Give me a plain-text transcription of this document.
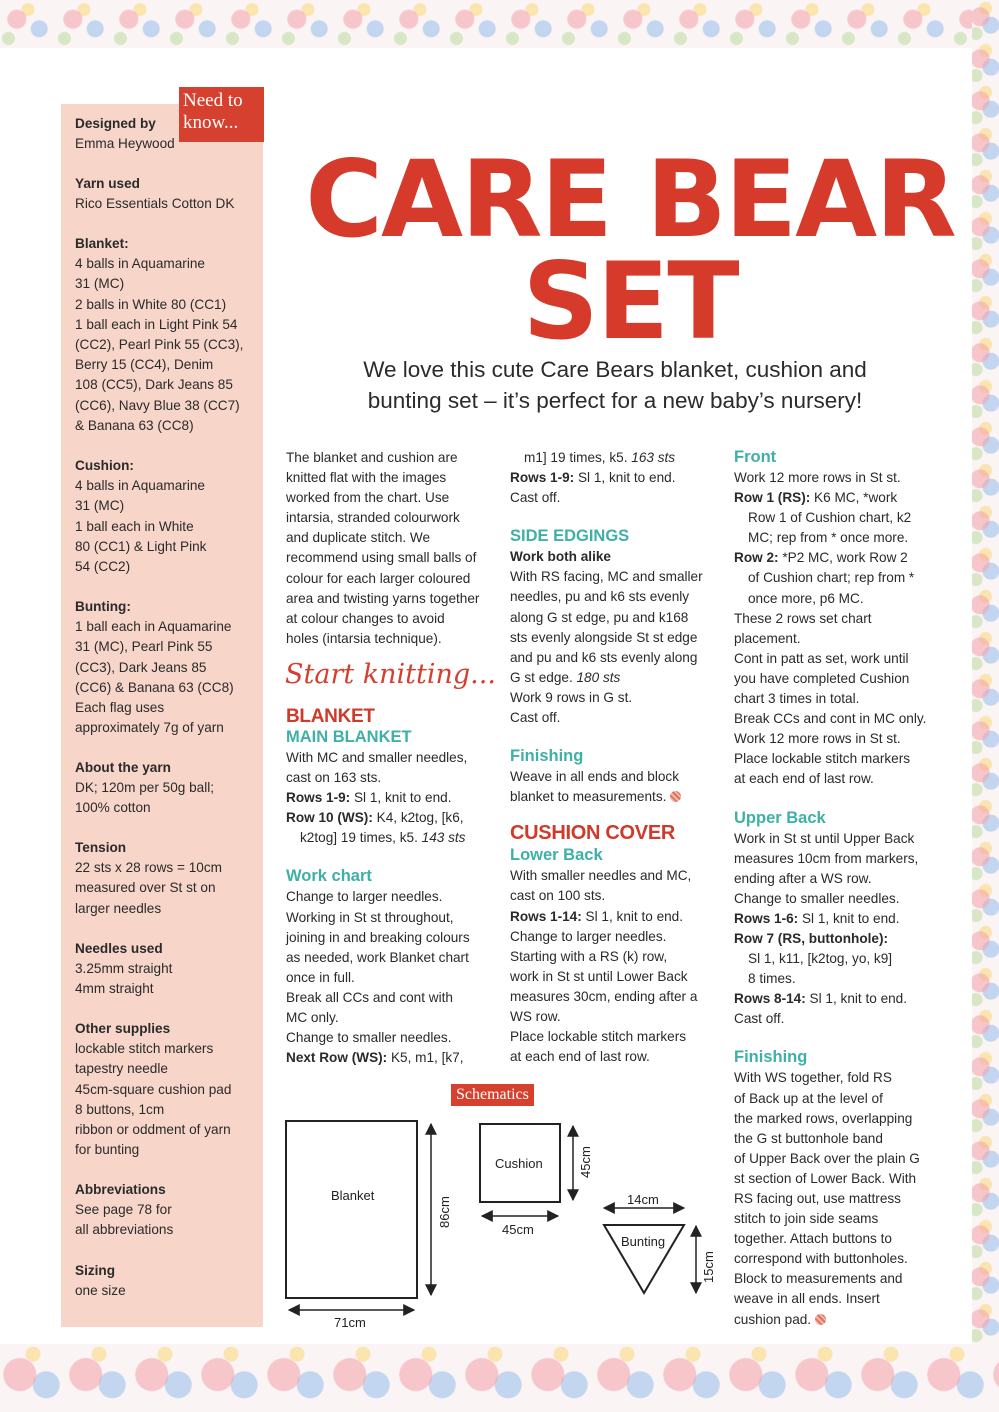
Need to
know...
Designed by
Emma Heywood
Yarn used
Rico Essentials Cotton DK
Blanket:
4 balls in Aquamarine
31 (MC)
2 balls in White 80 (CC1)
1 ball each in Light Pink 54
(CC2), Pearl Pink 55 (CC3),
Berry 15 (CC4), Denim
108 (CC5), Dark Jeans 85
(CC6), Navy Blue 38 (CC7)
& Banana 63 (CC8)
Cushion:
4 balls in Aquamarine
31 (MC)
1 ball each in White
80 (CC1) & Light Pink
54 (CC2)
Bunting:
1 ball each in Aquamarine
31 (MC), Pearl Pink 55
(CC3), Dark Jeans 85
(CC6) & Banana 63 (CC8)
Each flag uses
approximately 7g of yarn
About the yarn
DK; 120m per 50g ball;
100% cotton
Tension
22 sts x 28 rows = 10cm
measured over St st on
larger needles
Needles used
3.25mm straight
4mm straight
Other supplies
lockable stitch markers
tapestry needle
45cm-square cushion pad
8 buttons, 1cm
ribbon or oddment of yarn
for bunting
Abbreviations
See page 78 for
all abbreviations
Sizing
one size
CARE BEAR
SET
We love this cute Care Bears blanket, cushion and
bunting set – it’s perfect for a new baby’s nursery!
The blanket and cushion are
knitted flat with the images
worked from the chart. Use
intarsia, stranded colourwork
and duplicate stitch. We
recommend using small balls of
colour for each larger coloured
area and twisting yarns together
at colour changes to avoid
holes (intarsia technique).
Start knitting...
BLANKET
MAIN BLANKET
With MC and smaller needles,
cast on 163 sts.
Rows 1-9: Sl 1, knit to end.
Row 10 (WS): K4, k2tog, [k6,
k2tog] 19 times, k5. 143 sts
Work chart
Change to larger needles.
Working in St st throughout,
joining in and breaking colours
as needed, work Blanket chart
once in full.
Break all CCs and cont with
MC only.
Change to smaller needles.
Next Row (WS): K5, m1, [k7,
m1] 19 times, k5. 163 sts
Rows 1-9: Sl 1, knit to end.
Cast off.
SIDE EDGINGS
Work both alike
With RS facing, MC and smaller
needles, pu and k6 sts evenly
along G st edge, pu and k168
sts evenly alongside St st edge
and pu and k6 sts evenly along
G st edge. 180 sts
Work 9 rows in G st.
Cast off.
Finishing
Weave in all ends and block
blanket to measurements.
CUSHION COVER
Lower Back
With smaller needles and MC,
cast on 100 sts.
Rows 1-14: Sl 1, knit to end.
Change to larger needles.
Starting with a RS (k) row,
work in St st until Lower Back
measures 30cm, ending after a
WS row.
Place lockable stitch markers
at each end of last row.
Front
Work 12 more rows in St st.
Row 1 (RS): K6 MC, *work
Row 1 of Cushion chart, k2
MC; rep from * once more.
Row 2: *P2 MC, work Row 2
of Cushion chart; rep from *
once more, p6 MC.
These 2 rows set chart
placement.
Cont in patt as set, work until
you have completed Cushion
chart 3 times in total.
Break CCs and cont in MC only.
Work 12 more rows in St st.
Place lockable stitch markers
at each end of last row.
Upper Back
Work in St st until Upper Back
measures 10cm from markers,
ending after a WS row.
Change to smaller needles.
Rows 1-6: Sl 1, knit to end.
Row 7 (RS, buttonhole):
Sl 1, k11, [k2tog, yo, k9]
8 times.
Rows 8-14: Sl 1, knit to end.
Cast off.
Finishing
With WS together, fold RS
of Back up at the level of
the marked rows, overlapping
the G st buttonhole band
of Upper Back over the plain G
st section of Lower Back. With
RS facing out, use mattress
stitch to join side seams
together. Attach buttons to
correspond with buttonholes.
Block to measurements and
weave in all ends. Insert
cushion pad.
Schematics
Blanket
86cm
71cm
Cushion	45cm
45cm
14cm
Bunting
15cm
